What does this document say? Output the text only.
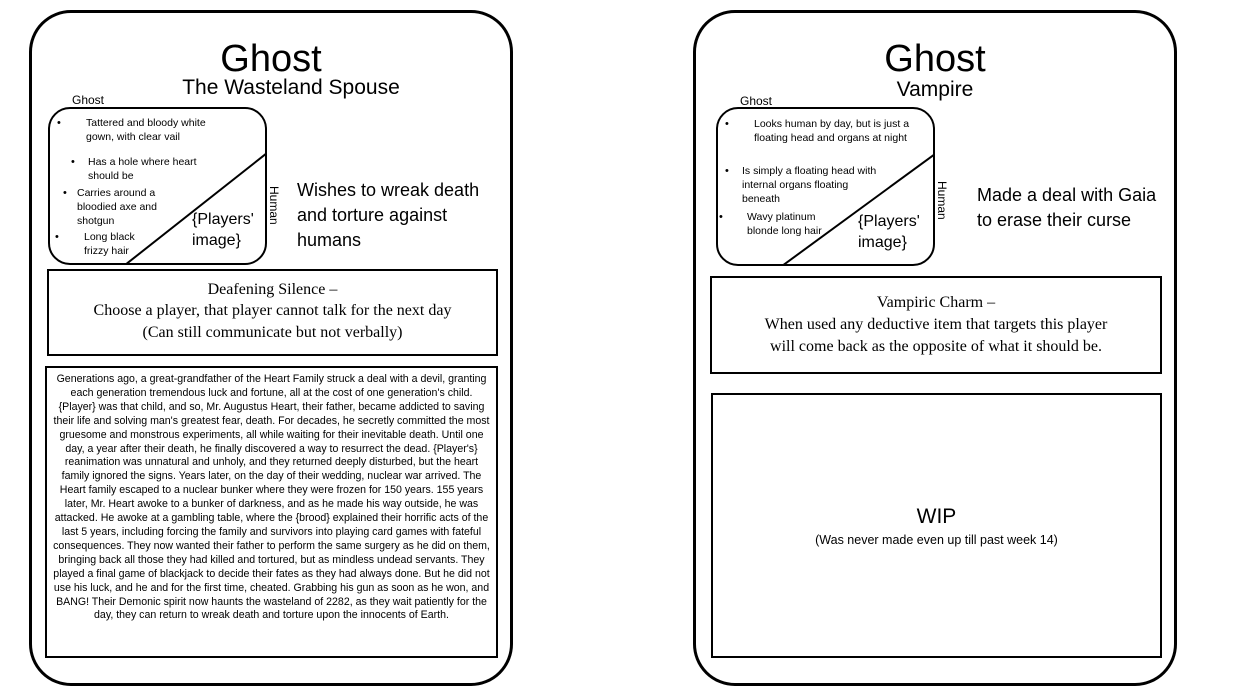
Ghost
The Wasteland Spouse
Ghost
• Tattered and bloody white gown, with clear vail
• Has a hole where heart should be
• Carries around a bloodied axe and shotgun
• Long black frizzy hair
{Players' image}
Human Wishes to wreak death and torture against humans
Deafening Silence –
Choose a player, that player cannot talk for the next day
(Can still communicate but not verbally)
Generations ago, a great-grandfather of the Heart Family struck a deal with a devil, granting each generation tremendous luck and fortune, all at the cost of one generation's child. {Player} was that child, and so, Mr. Augustus Heart, their father, became addicted to saving their life and solving man's greatest fear, death. For decades, he secretly committed the most gruesome and monstrous experiments, all while waiting for their inevitable death. Until one day, a year after their death, he finally discovered a way to resurrect the dead. {Player's} reanimation was unnatural and unholy, and they returned deeply disturbed, but the heart family ignored the signs. Years later, on the day of their wedding, nuclear war arrived. The Heart family escaped to a nuclear bunker where they were frozen for 150 years. 155 years later, Mr. Heart awoke to a bunker of darkness, and as he made his way outside, he was attacked. He awoke at a gambling table, where the {brood} explained their horrific acts of the last 5 years, including forcing the family and survivors into playing card games with fateful consequences. They now wanted their father to perform the same surgery as he did on them, bringing back all those they had killed and tortured, but as mindless undead servants. They played a final game of blackjack to decide their fates as they had always done. But he did not use his luck, and he and for the first time, cheated. Grabbing his gun as soon as he won, and BANG! Their Demonic spirit now haunts the wasteland of 2282, as they wait patiently for the day, they can return to wreak death and torture upon the innocents of Earth.
Ghost
Vampire
Ghost
• Looks human by day, but is just a floating head and organs at night
• Is simply a floating head with internal organs floating beneath
• Wavy platinum blonde long hair
{Players' image}
Human Made a deal with Gaia to erase their curse
Vampiric Charm –
When used any deductive item that targets this player
will come back as the opposite of what it should be.
WIP
(Was never made even up till past week 14)
